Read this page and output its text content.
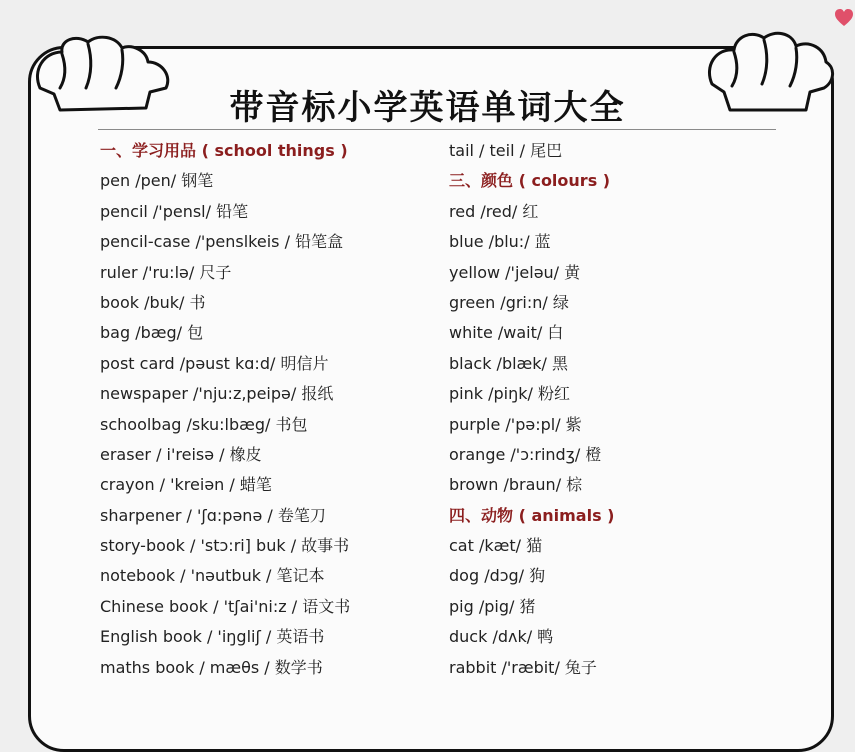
带音标小学英语单词大全
一、学习用品 ( school things )
pen /pen/ 钢笔
pencil /'pensl/ 铅笔
pencil-case /'penslkeis / 铅笔盒
ruler /'ru:lə/ 尺子
book /buk/ 书
bag /bæg/ 包
post card /pəust kɑ:d/ 明信片
newspaper /'nju:z,peipə/ 报纸
schoolbag /sku:lbæg/ 书包
eraser / i'reisə / 橡皮
crayon / 'kreiən / 蜡笔
sharpener / 'ʃɑ:pənə / 卷笔刀
story-book / 'stɔ:ri] buk / 故事书
notebook / 'nəutbuk / 笔记本
Chinese book / 'tʃai'ni:z / 语文书
English book / 'iŋgliʃ / 英语书
maths book / mæθs / 数学书
tail / teil / 尾巴
三、颜色 ( colours )
red /red/ 红
blue /blu:/ 蓝
yellow /'jeləu/ 黄
green /gri:n/ 绿
white /wait/ 白
black /blæk/ 黑
pink /piŋk/ 粉红
purple /'pə:pl/ 紫
orange /'ɔ:rindʒ/ 橙
brown /braun/ 棕
四、动物 ( animals )
cat /kæt/ 猫
dog /dɔg/ 狗
pig /pig/ 猪
duck /dʌk/ 鸭
rabbit /'ræbit/ 兔子
